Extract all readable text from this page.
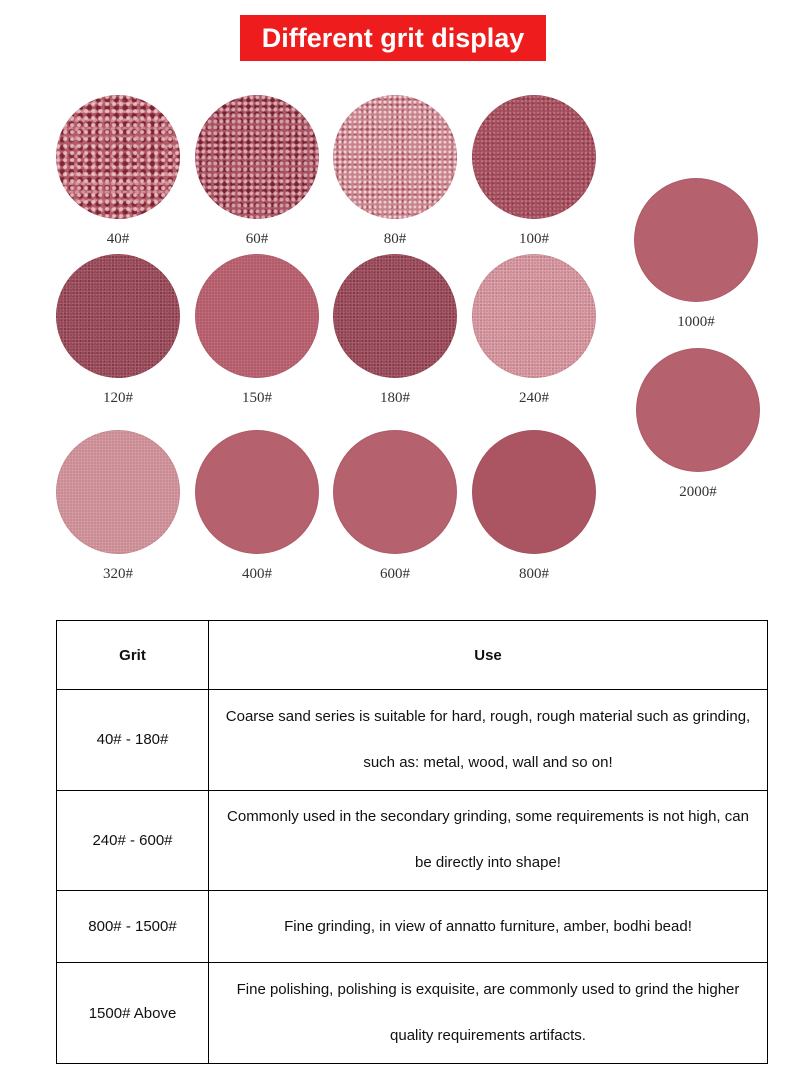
Different grit display
40#	60#	80#	100#
120#	150#	180#	240#
320#	400#	600#	800#
1000#
2000#
Grit	Use
40# - 180#	Coarse sand series is suitable for hard, rough, rough material such as grinding, such as: metal, wood, wall and so on!
240# - 600#	Commonly used in the secondary grinding, some requirements is not high, can be directly into shape!
800# - 1500#	Fine grinding, in view of annatto furniture, amber, bodhi bead!
1500# Above	Fine polishing, polishing is exquisite, are commonly used to grind the higher quality requirements artifacts.
